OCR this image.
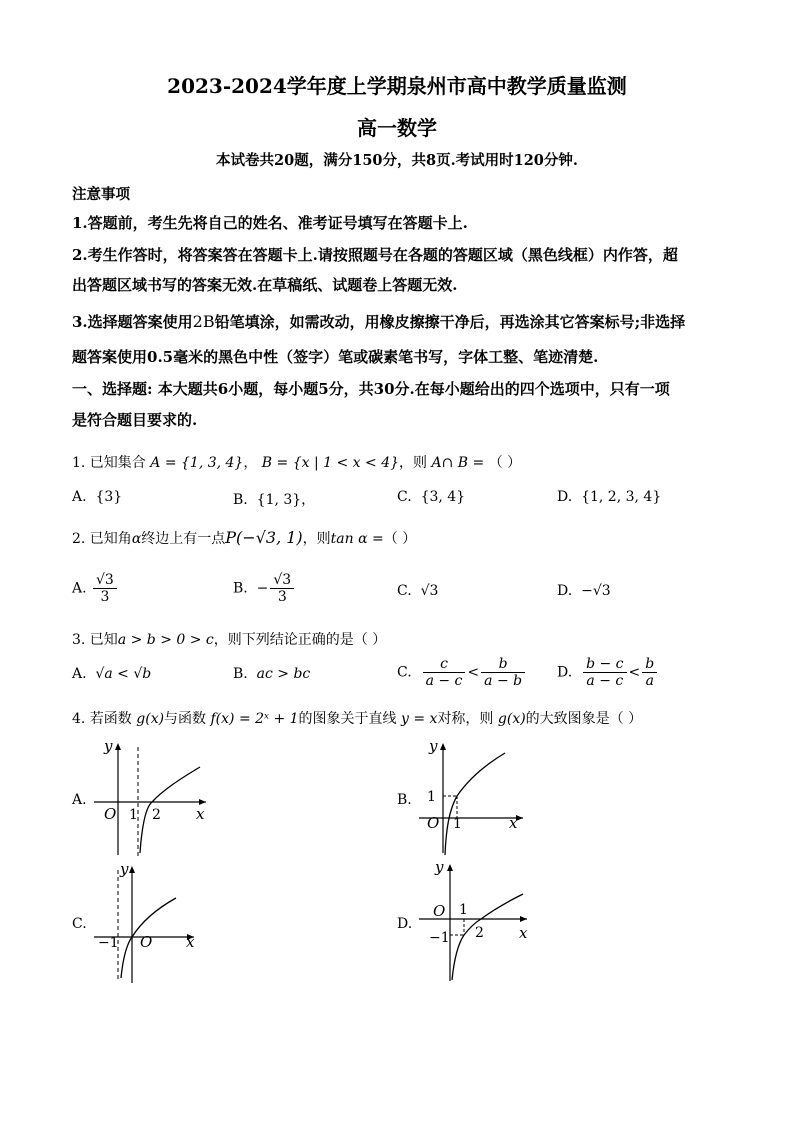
2023-2024学年度上学期泉州市高中教学质量监测
高一数学
本试卷共20题，满分150分，共8页.考试用时120分钟.
注意事项
1.答题前，考生先将自己的姓名、准考证号填写在答题卡上.
2.考生作答时，将答案答在答题卡上.请按照题号在各题的答题区域（黑色线框）内作答，超
出答题区域书写的答案无效.在草稿纸、试题卷上答题无效.
3.选择题答案使用2B铅笔填涂，如需改动，用橡皮擦擦干净后，再选涂其它答案标号;非选择
题答案使用0.5毫米的黑色中性（签字）笔或碳素笔书写，字体工整、笔迹清楚.
一、选择题: 本大题共6小题，每小题5分，共30分.在每小题给出的四个选项中，只有一项
是符合题目要求的.
1. 已知集合 A = {1, 3, 4}， B = {x | 1 < x < 4}，则 A∩ B = （ ）
A. {3}	B. {1, 3}，	C. {3, 4}	D. {1, 2, 3, 4}
2. 已知角α终边上有一点P(−√3, 1)，则tan α =（ ）
A. $\frac{√3}{3}$	B. − $\frac{√3}{3}$	C. √3	D. −√3
3. 已知a > b > 0 > c，则下列结论正确的是（ ）
A. √a < √b	B. ac > bc	C. $\frac{c}{a - c} < \frac{b}{a - b} D$. $\frac{b - c}{a - c} < \frac{b}{a}$
4. 若函数 g(x)与函数 f(x) = 2ˣ + 1的图象关于直线 y = x对称，则 g(x)的大致图象是（ ）
A.
O 1 2 x
y
B. 1
O 1	x
y
C.
−1 O x
y
D.
O 1
−1 2 x
y
